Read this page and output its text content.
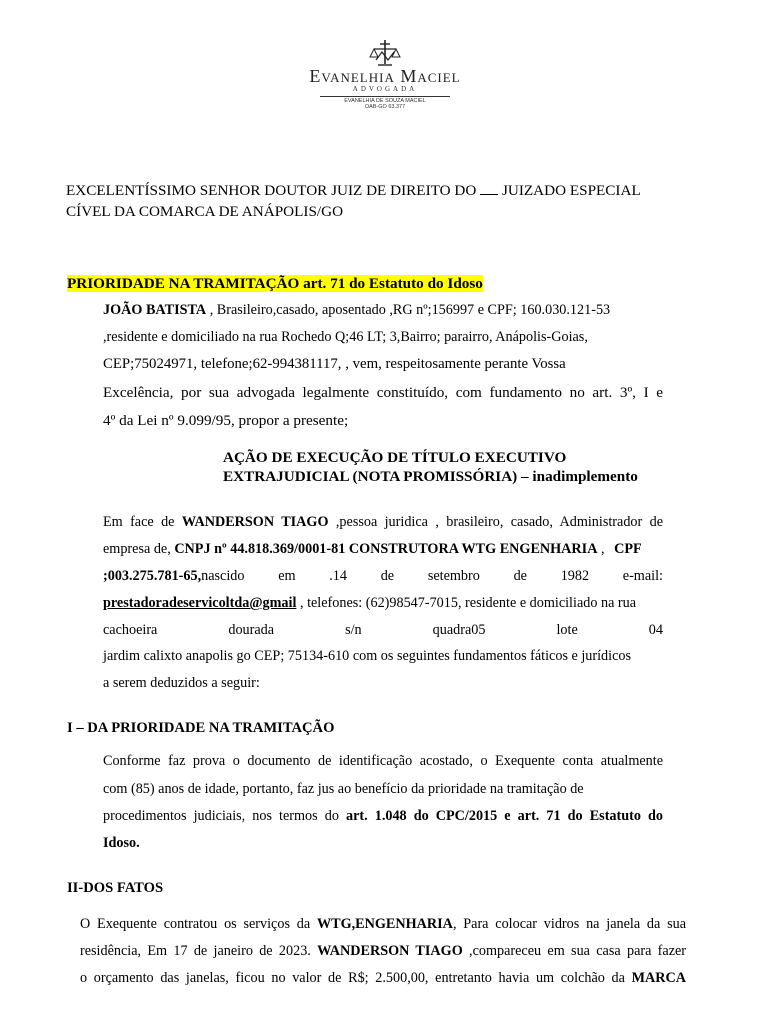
Evanelhia Maciel
ADVOGADA
EVANELHIA DE SOUZA MACIEL
OAB-GO 63.377
EXCELENTÍSSIMO SENHOR DOUTOR JUIZ DE DIREITO DO JUIZADO ESPECIAL
CÍVEL DA COMARCA DE ANÁPOLIS/GO
PRIORIDADE NA TRAMITAÇÃO art. 71 do Estatuto do Idoso
JOÃO BATISTA , Brasileiro,casado, aposentado ,RG nº;156997 e CPF; 160.030.121-53
,residente e domiciliado na rua Rochedo Q;46 LT; 3,Bairro; parairro, Anápolis-Goias,
CEP;75024971, telefone;62-994381117, , vem, respeitosamente perante Vossa
Excelência, por sua advogada legalmente constituído, com fundamento no art. 3º, I e
4º da Lei nº 9.099/95, propor a presente;
AÇÃO DE EXECUÇÃO DE TÍTULO EXECUTIVO
EXTRAJUDICIAL (NOTA PROMISSÓRIA) – inadimplemento
Em face de WANDERSON TIAGO ,pessoa juridica , brasileiro, casado, Administrador de
empresa de, CNPJ nº 44.818.369/0001-81 CONSTRUTORA WTG ENGENHARIA , CPF
;003.275.781-65,nascido em .14 de setembro de 1982 e-mail:
prestadoradeservicoltda@gmail , telefones: (62)98547-7015, residente e domiciliado na rua
cachoeira	dourada	s/n	quadra05	lote	04
jardim calixto anapolis go CEP; 75134-610 com os seguintes fundamentos fáticos e jurídicos
a serem deduzidos a seguir:
I – DA PRIORIDADE NA TRAMITAÇÃO
Conforme faz prova o documento de identificação acostado, o Exequente conta atualmente
com (85) anos de idade, portanto, faz jus ao benefício da prioridade na tramitação de
procedimentos judiciais, nos termos do art. 1.048 do CPC/2015 e art. 71 do Estatuto do
Idoso.
II-DOS FATOS
O Exequente contratou os serviços da WTG,ENGENHARIA, Para colocar vidros na janela da sua
residência, Em 17 de janeiro de 2023. WANDERSON TIAGO ,compareceu em sua casa para fazer
o orçamento das janelas, ficou no valor de R$; 2.500,00, entretanto havia um colchão da MARCA
